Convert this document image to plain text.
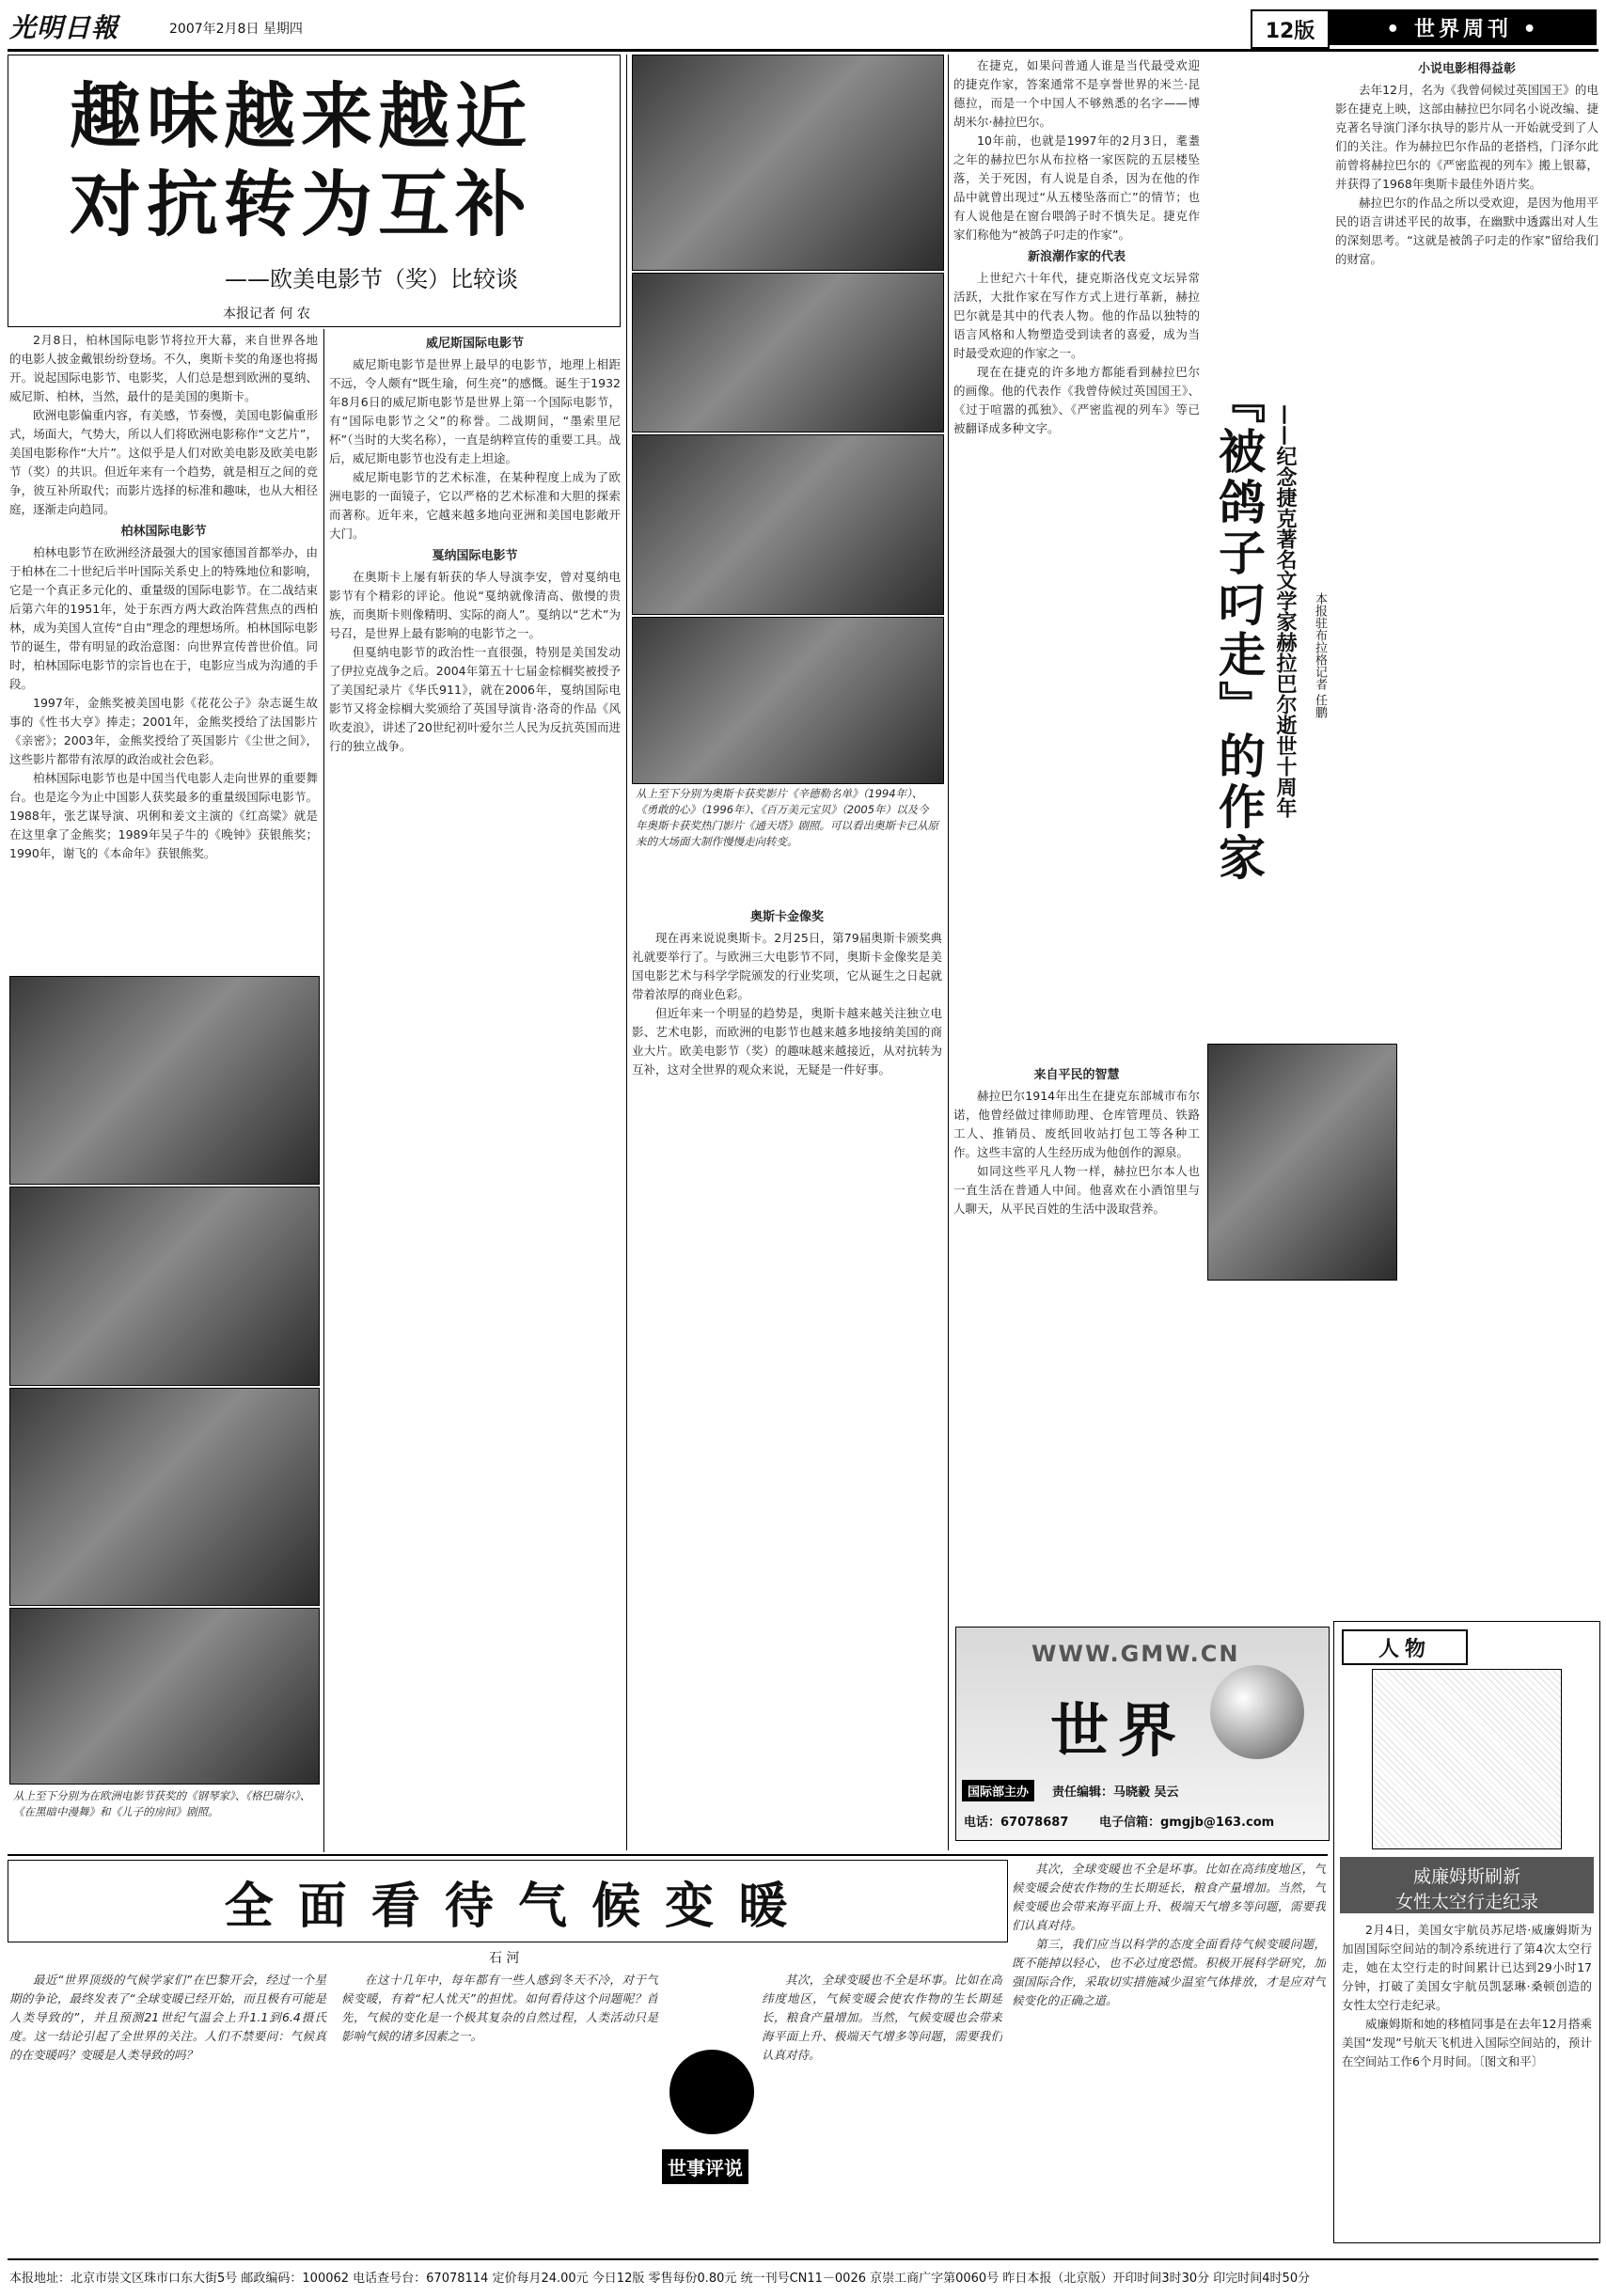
光明日報	2007年2月8日 星期四	12版	• 世界周刊 •
趣味越来越近
对抗转为互补
——欧美电影节（奖）比较谈
本报记者 何 农

2月8日，柏林国际电影节将拉开大幕，来自世界各地的电影人披金戴银纷纷登场。不久，奥斯卡奖的角逐也将揭开。说起国际电影节、电影奖，人们总是想到欧洲的戛纳、威尼斯、柏林，当然，最什的是美国的奥斯卡。

欧洲电影偏重内容，有美感，节奏慢，美国电影偏重形式，场面大，气势大，所以人们将欧洲电影称作“文艺片”，美国电影称作“大片”。这似乎是人们对欧美电影及欧美电影节（奖）的共识。但近年来有一个趋势，就是相互之间的竞争，彼互补所取代；而影片选择的标准和趣味，也从大相径庭，逐渐走向趋同。

柏林国际电影节

柏林电影节在欧洲经济最强大的国家德国首都举办，由于柏林在二十世纪后半叶国际关系史上的特殊地位和影响，它是一个真正多元化的、重量级的国际电影节。在二战结束后第六年的1951年，处于东西方两大政治阵营焦点的西柏林，成为美国人宣传“自由”理念的理想场所。柏林国际电影节的诞生，带有明显的政治意图：向世界宣传普世价值。同时，柏林国际电影节的宗旨也在于，电影应当成为沟通的手段。

1997年，金熊奖被美国电影《花花公子》杂志诞生故事的《性书大亨》捧走；2001年，金熊奖授给了法国影片《亲密》；2003年，金熊奖授给了英国影片《尘世之间》，这些影片都带有浓厚的政治或社会色彩。

柏林国际电影节也是中国当代电影人走向世界的重要舞台。也是迄今为止中国影人获奖最多的重量级国际电影节。1988年，张艺谋导演、巩俐和姜文主演的《红高粱》就是在这里拿了金熊奖；1989年吴子牛的《晚钟》获银熊奖；1990年，谢飞的《本命年》获银熊奖。

从上至下分别为在欧洲电影节获奖的《钢琴家》、《格巴瑞尔》、《在黑暗中漫舞》和《儿子的房间》剧照。
威尼斯国际电影节

威尼斯电影节是世界上最早的电影节，地理上相距不远，令人颇有“既生瑜，何生亮”的感慨。诞生于1932年8月6日的威尼斯电影节是世界上第一个国际电影节，有“国际电影节之父”的称誉。二战期间，“墨索里尼杯”（当时的大奖名称），一直是纳粹宣传的重要工具。战后，威尼斯电影节也没有走上坦途。

威尼斯电影节的艺术标准，在某种程度上成为了欧洲电影的一面镜子，它以严格的艺术标准和大胆的探索而著称。近年来，它越来越多地向亚洲和美国电影敞开大门。

戛纳国际电影节

在奥斯卡上屡有斩获的华人导演李安，曾对戛纳电影节有个精彩的评论。他说“戛纳就像清高、傲慢的贵族，而奥斯卡则像精明、实际的商人”。戛纳以“艺术”为号召，是世界上最有影响的电影节之一。

但戛纳电影节的政治性一直很强，特别是美国发动了伊拉克战争之后。2004年第五十七届金棕榈奖被授予了美国纪录片《华氏911》，就在2006年，戛纳国际电影节又将金棕榈大奖颁给了英国导演肯·洛奇的作品《风吹麦浪》，讲述了20世纪初叶爱尔兰人民为反抗英国而进行的独立战争。

从上至下分别为奥斯卡获奖影片《辛德勒名单》（1994年）、《勇敢的心》（1996年）、《百万美元宝贝》（2005年）以及今年奥斯卡获奖热门影片《通天塔》剧照。可以看出奥斯卡已从原来的大场面大制作慢慢走向转变。
奥斯卡金像奖

现在再来说说奥斯卡。2月25日，第79届奥斯卡颁奖典礼就要举行了。与欧洲三大电影节不同，奥斯卡金像奖是美国电影艺术与科学学院颁发的行业奖项，它从诞生之日起就带着浓厚的商业色彩。

但近年来一个明显的趋势是，奥斯卡越来越关注独立电影、艺术电影，而欧洲的电影节也越来越多地接纳美国的商业大片。欧美电影节（奖）的趣味越来越接近，从对抗转为互补，这对全世界的观众来说，无疑是一件好事。

在捷克，如果问普通人谁是当代最受欢迎的捷克作家，答案通常不是享誉世界的米兰·昆德拉，而是一个中国人不够熟悉的名字——博胡米尔·赫拉巴尔。

10年前，也就是1997年的2月3日，耄耋之年的赫拉巴尔从布拉格一家医院的五层楼坠落，关于死因，有人说是自杀，因为在他的作品中就曾出现过“从五楼坠落而亡”的情节；也有人说他是在窗台喂鸽子时不慎失足。捷克作家们称他为“被鸽子叼走的作家”。

新浪潮作家的代表

上世纪六十年代，捷克斯洛伐克文坛异常活跃，大批作家在写作方式上进行革新，赫拉巴尔就是其中的代表人物。他的作品以独特的语言风格和人物塑造受到读者的喜爱，成为当时最受欢迎的作家之一。

现在在捷克的许多地方都能看到赫拉巴尔的画像。他的代表作《我曾侍候过英国国王》、《过于喧嚣的孤独》、《严密监视的列车》等已被翻译成多种文字。	『被鸽子叼走』的作家 ——纪念捷克著名文学家赫拉巴尔逝世十周年	本报驻布拉格记者 任鹏
来自平民的智慧

赫拉巴尔1914年出生在捷克东部城市布尔诺，他曾经做过律师助理、仓库管理员、铁路工人、推销员、废纸回收站打包工等各种工作。这些丰富的人生经历成为他创作的源泉。

如同这些平凡人物一样，赫拉巴尔本人也一直生活在普通人中间。他喜欢在小酒馆里与人聊天，从平民百姓的生活中汲取营养。

小说电影相得益彰

去年12月，名为《我曾伺候过英国国王》的电影在捷克上映，这部由赫拉巴尔同名小说改编、捷克著名导演门泽尔执导的影片从一开始就受到了人们的关注。作为赫拉巴尔作品的老搭档，门泽尔此前曾将赫拉巴尔的《严密监视的列车》搬上银幕，并获得了1968年奥斯卡最佳外语片奖。

赫拉巴尔的作品之所以受欢迎，是因为他用平民的语言讲述平民的故事，在幽默中透露出对人生的深刻思考。“这就是被鸽子叼走的作家”留给我们的财富。

WWW.GMW.CN
世界
国际部主办	责任编辑：马晓毅 吴云
电话：67078687	电子信箱：gmgjb@163.com
人物
威廉姆斯刷新
女性太空行走纪录

2月4日，美国女宇航员苏尼塔·威廉姆斯为加固国际空间站的制冷系统进行了第4次太空行走，她在太空行走的时间累计已达到29小时17分钟，打破了美国女宇航员凯瑟琳·桑顿创造的女性太空行走纪录。

威廉姆斯和她的移植同事是在去年12月搭乘美国“发现”号航天飞机进入国际空间站的，预计在空间站工作6个月时间。〔图文和平〕

全 面 看 待 气 候 变 暖
石 河

最近“世界顶级的气候学家们”在巴黎开会，经过一个星期的争论，最终发表了“全球变暖已经开始，而且极有可能是人类导致的”，并且预测21世纪气温会上升1.1到6.4摄氏度。这一结论引起了全世界的关注。人们不禁要问：气候真的在变暖吗？变暖是人类导致的吗？

在这十几年中，每年都有一些人感到冬天不冷，对于气候变暖，有着“杞人忧天”的担忧。如何看待这个问题呢？首先，气候的变化是一个极其复杂的自然过程，人类活动只是影响气候的诸多因素之一。

其次，全球变暖也不全是坏事。比如在高纬度地区，气候变暖会使农作物的生长期延长，粮食产量增加。当然，气候变暖也会带来海平面上升、极端天气增多等问题，需要我们认真对待。

第三，我们应当以科学的态度全面看待气候变暖问题，既不能掉以轻心，也不必过度恐慌。积极开展科学研究，加强国际合作，采取切实措施减少温室气体排放，才是应对气候变化的正确之道。

世事评说

其次，全球变暖也不全是坏事。比如在高纬度地区，气候变暖会使农作物的生长期延长，粮食产量增加。当然，气候变暖也会带来海平面上升、极端天气增多等问题，需要我们认真对待。

本报地址：北京市崇文区珠市口东大街5号 邮政编码：100062 电话查号台：67078114 定价每月24.00元 今日12版 零售每份0.80元 统一刊号CN11－0026 京崇工商广字第0060号 昨日本报（北京版）开印时间3时30分 印完时间4时50分
